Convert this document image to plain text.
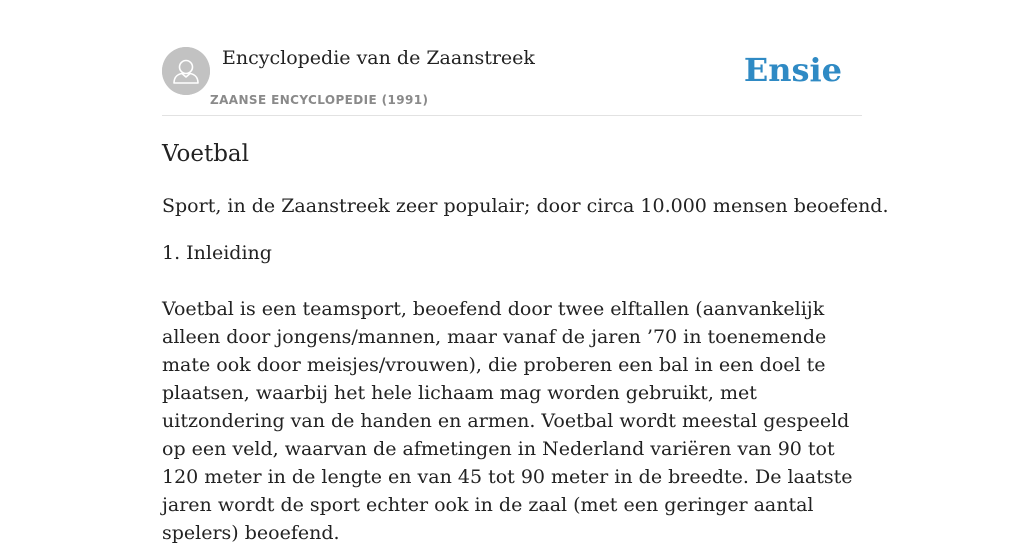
Encyclopedie van de Zaanstreek
ZAANSE ENCYCLOPEDIE (1991)
Ensie
Voetbal

Sport, in de Zaanstreek zeer populair; door circa 10.000 mensen beoefend.

1. Inleiding

Voetbal is een teamsport, beoefend door twee elftallen (aanvankelijk alleen door jongens/mannen, maar vanaf de jaren ’70 in toenemende mate ook door meisjes/vrouwen), die proberen een bal in een doel te plaatsen, waarbij het hele lichaam mag worden gebruikt, met uitzondering van de handen en armen. Voetbal wordt meestal gespeeld op een veld, waarvan de afmetingen in Nederland variëren van 90 tot 120 meter in de lengte en van 45 tot 90 meter in de breedte. De laatste jaren wordt de sport echter ook in de zaal (met een geringer aantal spelers) beoefend.
